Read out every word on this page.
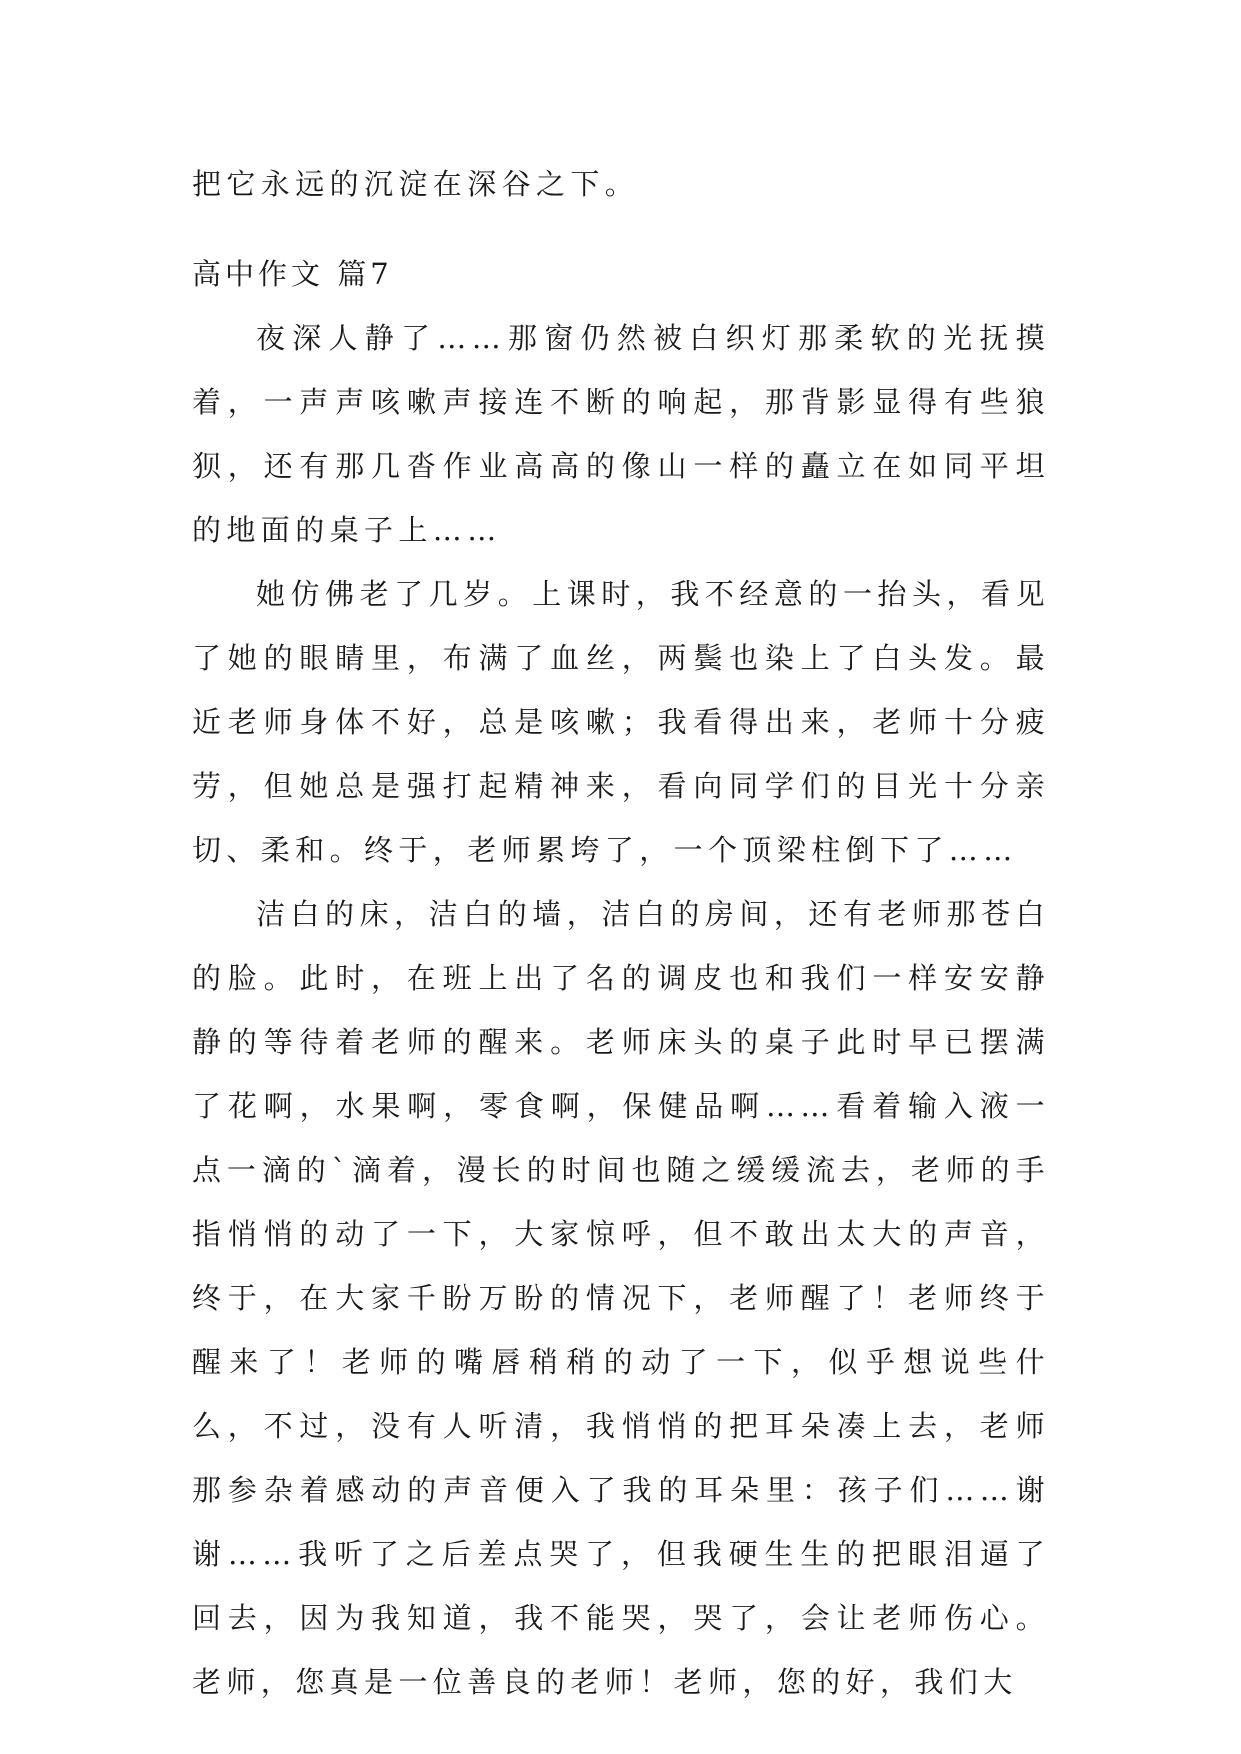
把它永远的沉淀在深谷之下。

高中作文 篇7

夜深人静了……那窗仍然被白织灯那柔软的光抚摸着，一声声咳嗽声接连不断的响起，那背影显得有些狼狈，还有那几沓作业高高的像山一样的矗立在如同平坦的地面的桌子上……

她仿佛老了几岁。上课时，我不经意的一抬头，看见了她的眼睛里，布满了血丝，两鬓也染上了白头发。最近老师身体不好，总是咳嗽；我看得出来，老师十分疲劳，但她总是强打起精神来，看向同学们的目光十分亲切、柔和。终于，老师累垮了，一个顶梁柱倒下了……

洁白的床，洁白的墙，洁白的房间，还有老师那苍白的脸。此时，在班上出了名的调皮也和我们一样安安静静的等待着老师的醒来。老师床头的桌子此时早已摆满了花啊，水果啊，零食啊，保健品啊……看着输入液一点一滴的`滴着，漫长的时间也随之缓缓流去，老师的手指悄悄的动了一下，大家惊呼，但不敢出太大的声音，终于，在大家千盼万盼的情况下，老师醒了！老师终于醒来了！老师的嘴唇稍稍的动了一下，似乎想说些什么，不过，没有人听清，我悄悄的把耳朵凑上去，老师那参杂着感动的声音便入了我的耳朵里：孩子们……谢谢……我听了之后差点哭了，但我硬生生的把眼泪逼了回去，因为我知道，我不能哭，哭了，会让老师伤心。老师，您真是一位善良的老师！老师，您的好，我们大
